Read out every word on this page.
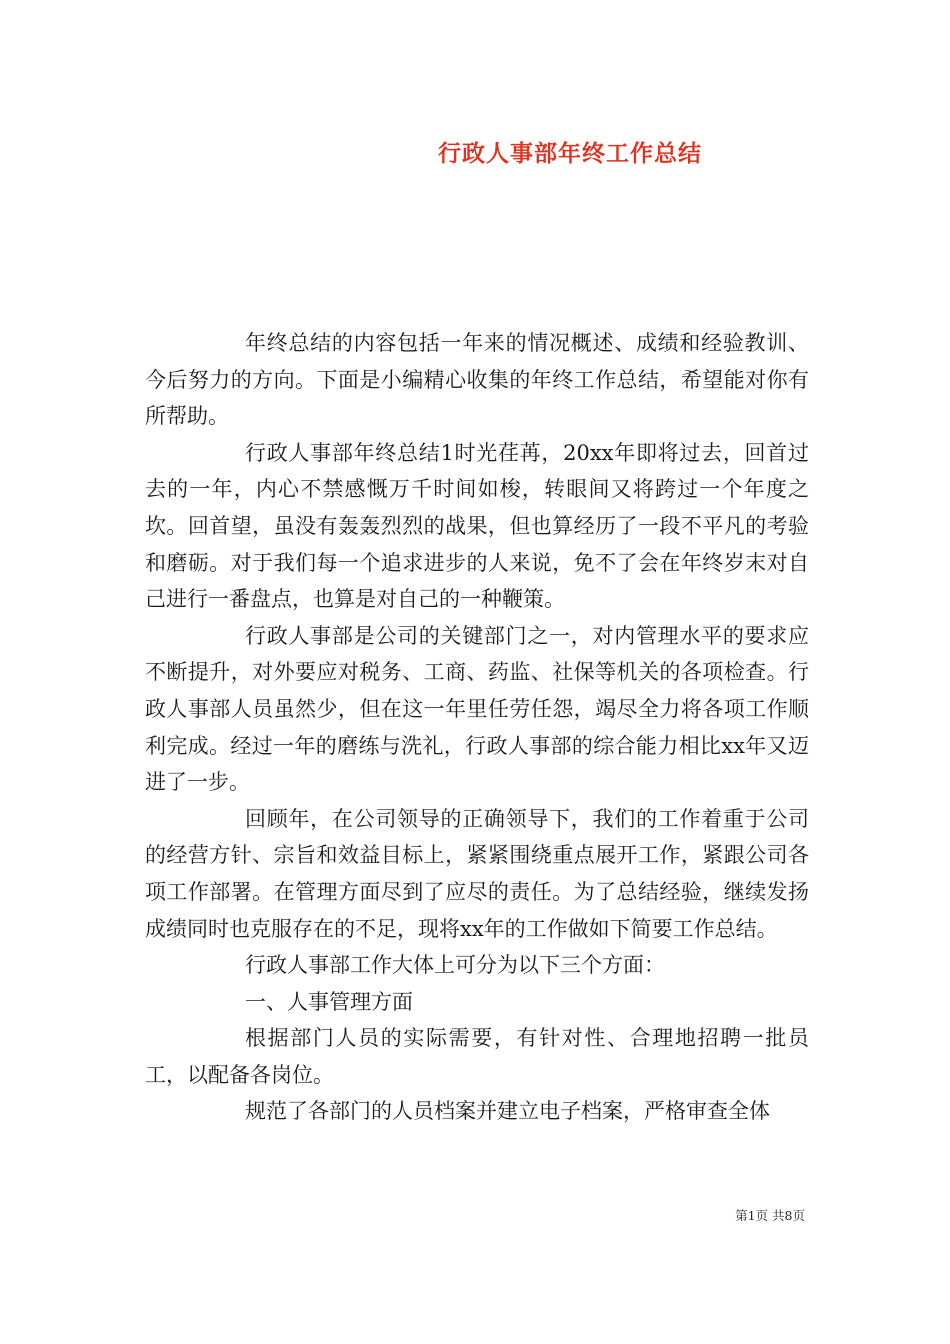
行政人事部年终工作总结

年终总结的内容包括一年来的情况概述、成绩和经验教训、今后努力的方向。下面是小编精心收集的年终工作总结，希望能对你有所帮助。

行政人事部年终总结1时光荏苒，20xx年即将过去，回首过去的一年，内心不禁感慨万千时间如梭，转眼间又将跨过一个年度之坎。回首望，虽没有轰轰烈烈的战果，但也算经历了一段不平凡的考验和磨砺。对于我们每一个追求进步的人来说，免不了会在年终岁末对自己进行一番盘点，也算是对自己的一种鞭策。

行政人事部是公司的关键部门之一，对内管理水平的要求应不断提升，对外要应对税务、工商、药监、社保等机关的各项检查。行政人事部人员虽然少，但在这一年里任劳任怨，竭尽全力将各项工作顺利完成。经过一年的磨练与洗礼，行政人事部的综合能力相比xx年又迈进了一步。

回顾年，在公司领导的正确领导下，我们的工作着重于公司的经营方针、宗旨和效益目标上，紧紧围绕重点展开工作，紧跟公司各项工作部署。在管理方面尽到了应尽的责任。为了总结经验，继续发扬成绩同时也克服存在的不足，现将xx年的工作做如下简要工作总结。

行政人事部工作大体上可分为以下三个方面：

一、人事管理方面

根据部门人员的实际需要，有针对性、合理地招聘一批员工，以配备各岗位。

规范了各部门的人员档案并建立电子档案，严格审查全体

第1页 共8页
